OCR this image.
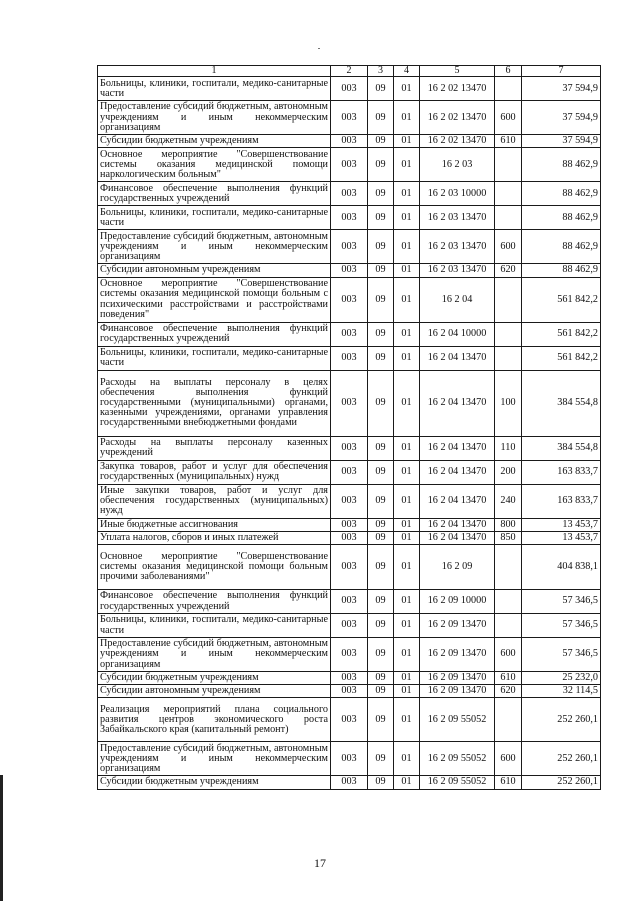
1	2	3	4	5	6	7
Больницы, клиники, госпитали, медико-санитарные части	003	09	01	16 2 02 13470		37 594,9
Предоставление субсидий бюджетным, автономным учреждениям и иным некоммерческим организациям	003	09	01	16 2 02 13470	600	37 594,9
Субсидии бюджетным учреждениям	003	09	01	16 2 02 13470	610	37 594,9
Основное мероприятие "Совершенствование системы оказания медицинской помощи наркологическим больным"	003	09	01	16 2 03		88 462,9
Финансовое обеспечение выполнения функций государственных учреждений	003	09	01	16 2 03 10000		88 462,9
Больницы, клиники, госпитали, медико-санитарные части	003	09	01	16 2 03 13470		88 462,9
Предоставление субсидий бюджетным, автономным учреждениям и иным некоммерческим организациям	003	09	01	16 2 03 13470	600	88 462,9
Субсидии автономным учреждениям	003	09	01	16 2 03 13470	620	88 462,9
Основное мероприятие "Совершенствование системы оказания медицинской помощи больным с психическими расстройствами и расстройствами поведения"	003	09	01	16 2 04		561 842,2
Финансовое обеспечение выполнения функций государственных учреждений	003	09	01	16 2 04 10000		561 842,2
Больницы, клиники, госпитали, медико-санитарные части	003	09	01	16 2 04 13470		561 842,2
Расходы на выплаты персоналу в целях обеспечения выполнения функций государственными (муниципальными) органами, казенными учреждениями, органами управления государственными внебюджетными фондами	003	09	01	16 2 04 13470	100	384 554,8
Расходы на выплаты персоналу казенных учреждений	003	09	01	16 2 04 13470	110	384 554,8
Закупка товаров, работ и услуг для обеспечения государственных (муниципальных) нужд	003	09	01	16 2 04 13470	200	163 833,7
Иные закупки товаров, работ и услуг для обеспечения государственных (муниципальных) нужд	003	09	01	16 2 04 13470	240	163 833,7
Иные бюджетные ассигнования	003	09	01	16 2 04 13470	800	13 453,7
Уплата налогов, сборов и иных платежей	003	09	01	16 2 04 13470	850	13 453,7
Основное мероприятие "Совершенствование системы оказания медицинской помощи больным прочими заболеваниями"	003	09	01	16 2 09		404 838,1
Финансовое обеспечение выполнения функций государственных учреждений	003	09	01	16 2 09 10000		57 346,5
Больницы, клиники, госпитали, медико-санитарные части	003	09	01	16 2 09 13470		57 346,5
Предоставление субсидий бюджетным, автономным учреждениям и иным некоммерческим организациям	003	09	01	16 2 09 13470	600	57 346,5
Субсидии бюджетным учреждениям	003	09	01	16 2 09 13470	610	25 232,0
Субсидии автономным учреждениям	003	09	01	16 2 09 13470	620	32 114,5
Реализация мероприятий плана социального развития центров экономического роста Забайкальского края (капитальный ремонт)	003	09	01	16 2 09 55052		252 260,1
Предоставление субсидий бюджетным, автономным учреждениям и иным некоммерческим организациям	003	09	01	16 2 09 55052	600	252 260,1
Субсидии бюджетным учреждениям	003	09	01	16 2 09 55052	610	252 260,1
17
